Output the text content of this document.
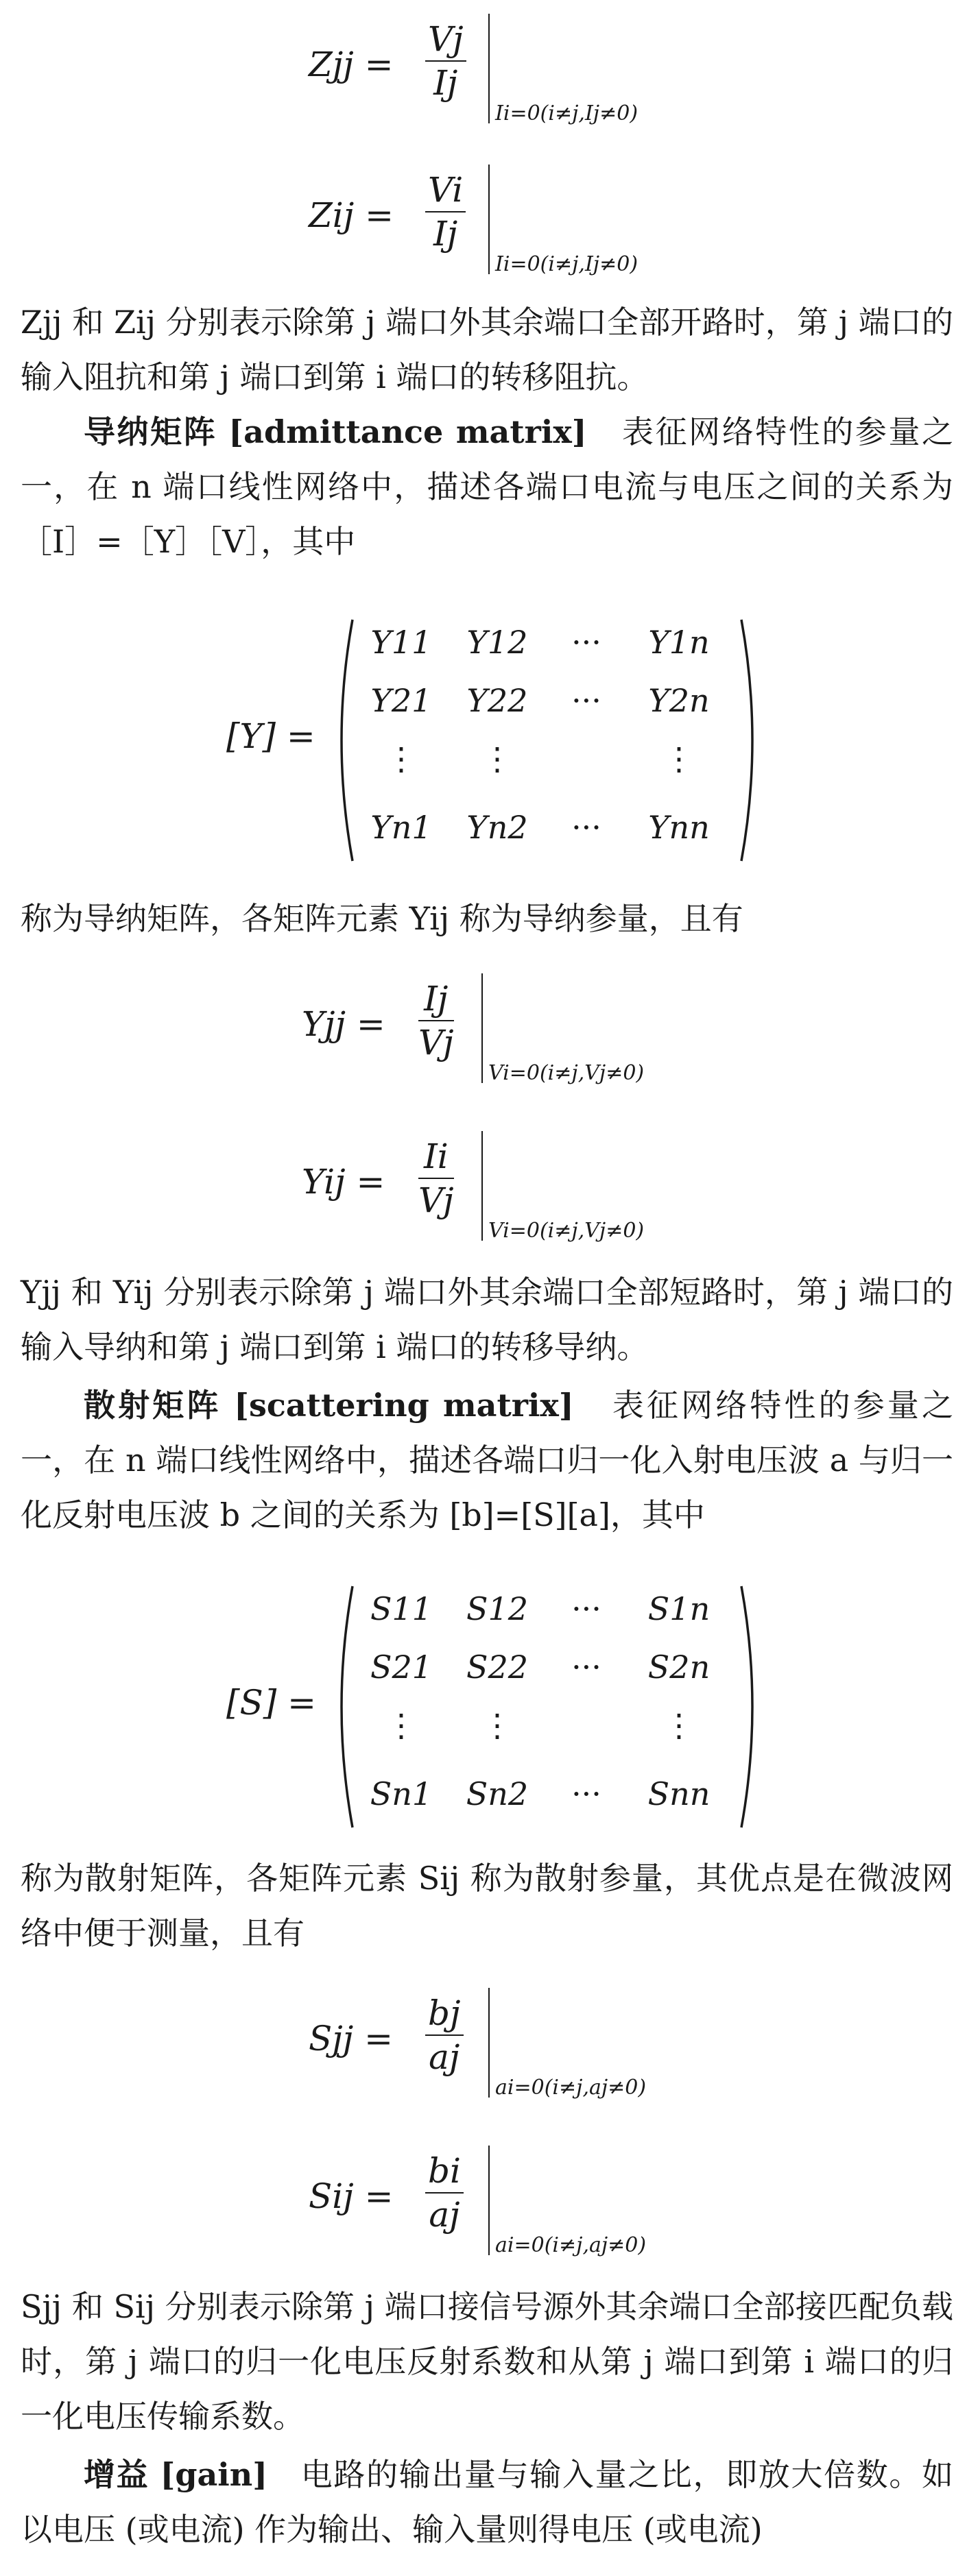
Zjj = $\frac{Vj}{Ij}$
Ii=0(i≠j,Ij≠0)
Zij = $\frac{Vi}{Ij}$
Ii=0(i≠j,Ij≠0)

Zjj 和 Zij 分别表示除第 j 端口外其余端口全部开路时，第 j 端口的输入阻抗和第 j 端口到第 i 端口的转移阻抗。

导纳矩阵 [admittance matrix] 表征网络特性的参量之一，在 n 端口线性网络中，描述各端口电流与电压之间的关系为［I］=［Y］［V］，其中

[Y] =
Y11	Y12	···	Y1n
Y21	Y22	···	Y2n
⋮	⋮	⋮
Yn1	Yn2	···	Ynn

称为导纳矩阵，各矩阵元素 Yij 称为导纳参量，且有

Yjj = $\frac{Ij}{Vj}$
Vi=0(i≠j,Vj≠0)
Yij = $\frac{Ii}{Vj}$
Vi=0(i≠j,Vj≠0)

Yjj 和 Yij 分别表示除第 j 端口外其余端口全部短路时，第 j 端口的输入导纳和第 j 端口到第 i 端口的转移导纳。

散射矩阵 [scattering matrix] 表征网络特性的参量之一，在 n 端口线性网络中，描述各端口归一化入射电压波 a 与归一化反射电压波 b 之间的关系为 [b]=[S][a]，其中

[S] =
S11	S12	···	S1n
S21	S22	···	S2n
⋮	⋮	⋮
Sn1	Sn2	···	Snn

称为散射矩阵，各矩阵元素 Sij 称为散射参量，其优点是在微波网络中便于测量，且有

Sjj = $\frac{bj}{aj}$
ai=0(i≠j,aj≠0)
Sij = $\frac{bi}{aj}$
ai=0(i≠j,aj≠0)

Sjj 和 Sij 分别表示除第 j 端口接信号源外其余端口全部接匹配负载时，第 j 端口的归一化电压反射系数和从第 j 端口到第 i 端口的归一化电压传输系数。

增益 [gain] 电路的输出量与输入量之比，即放大倍数。如以电压 (或电流) 作为输出、输入量则得电压 (或电流)
